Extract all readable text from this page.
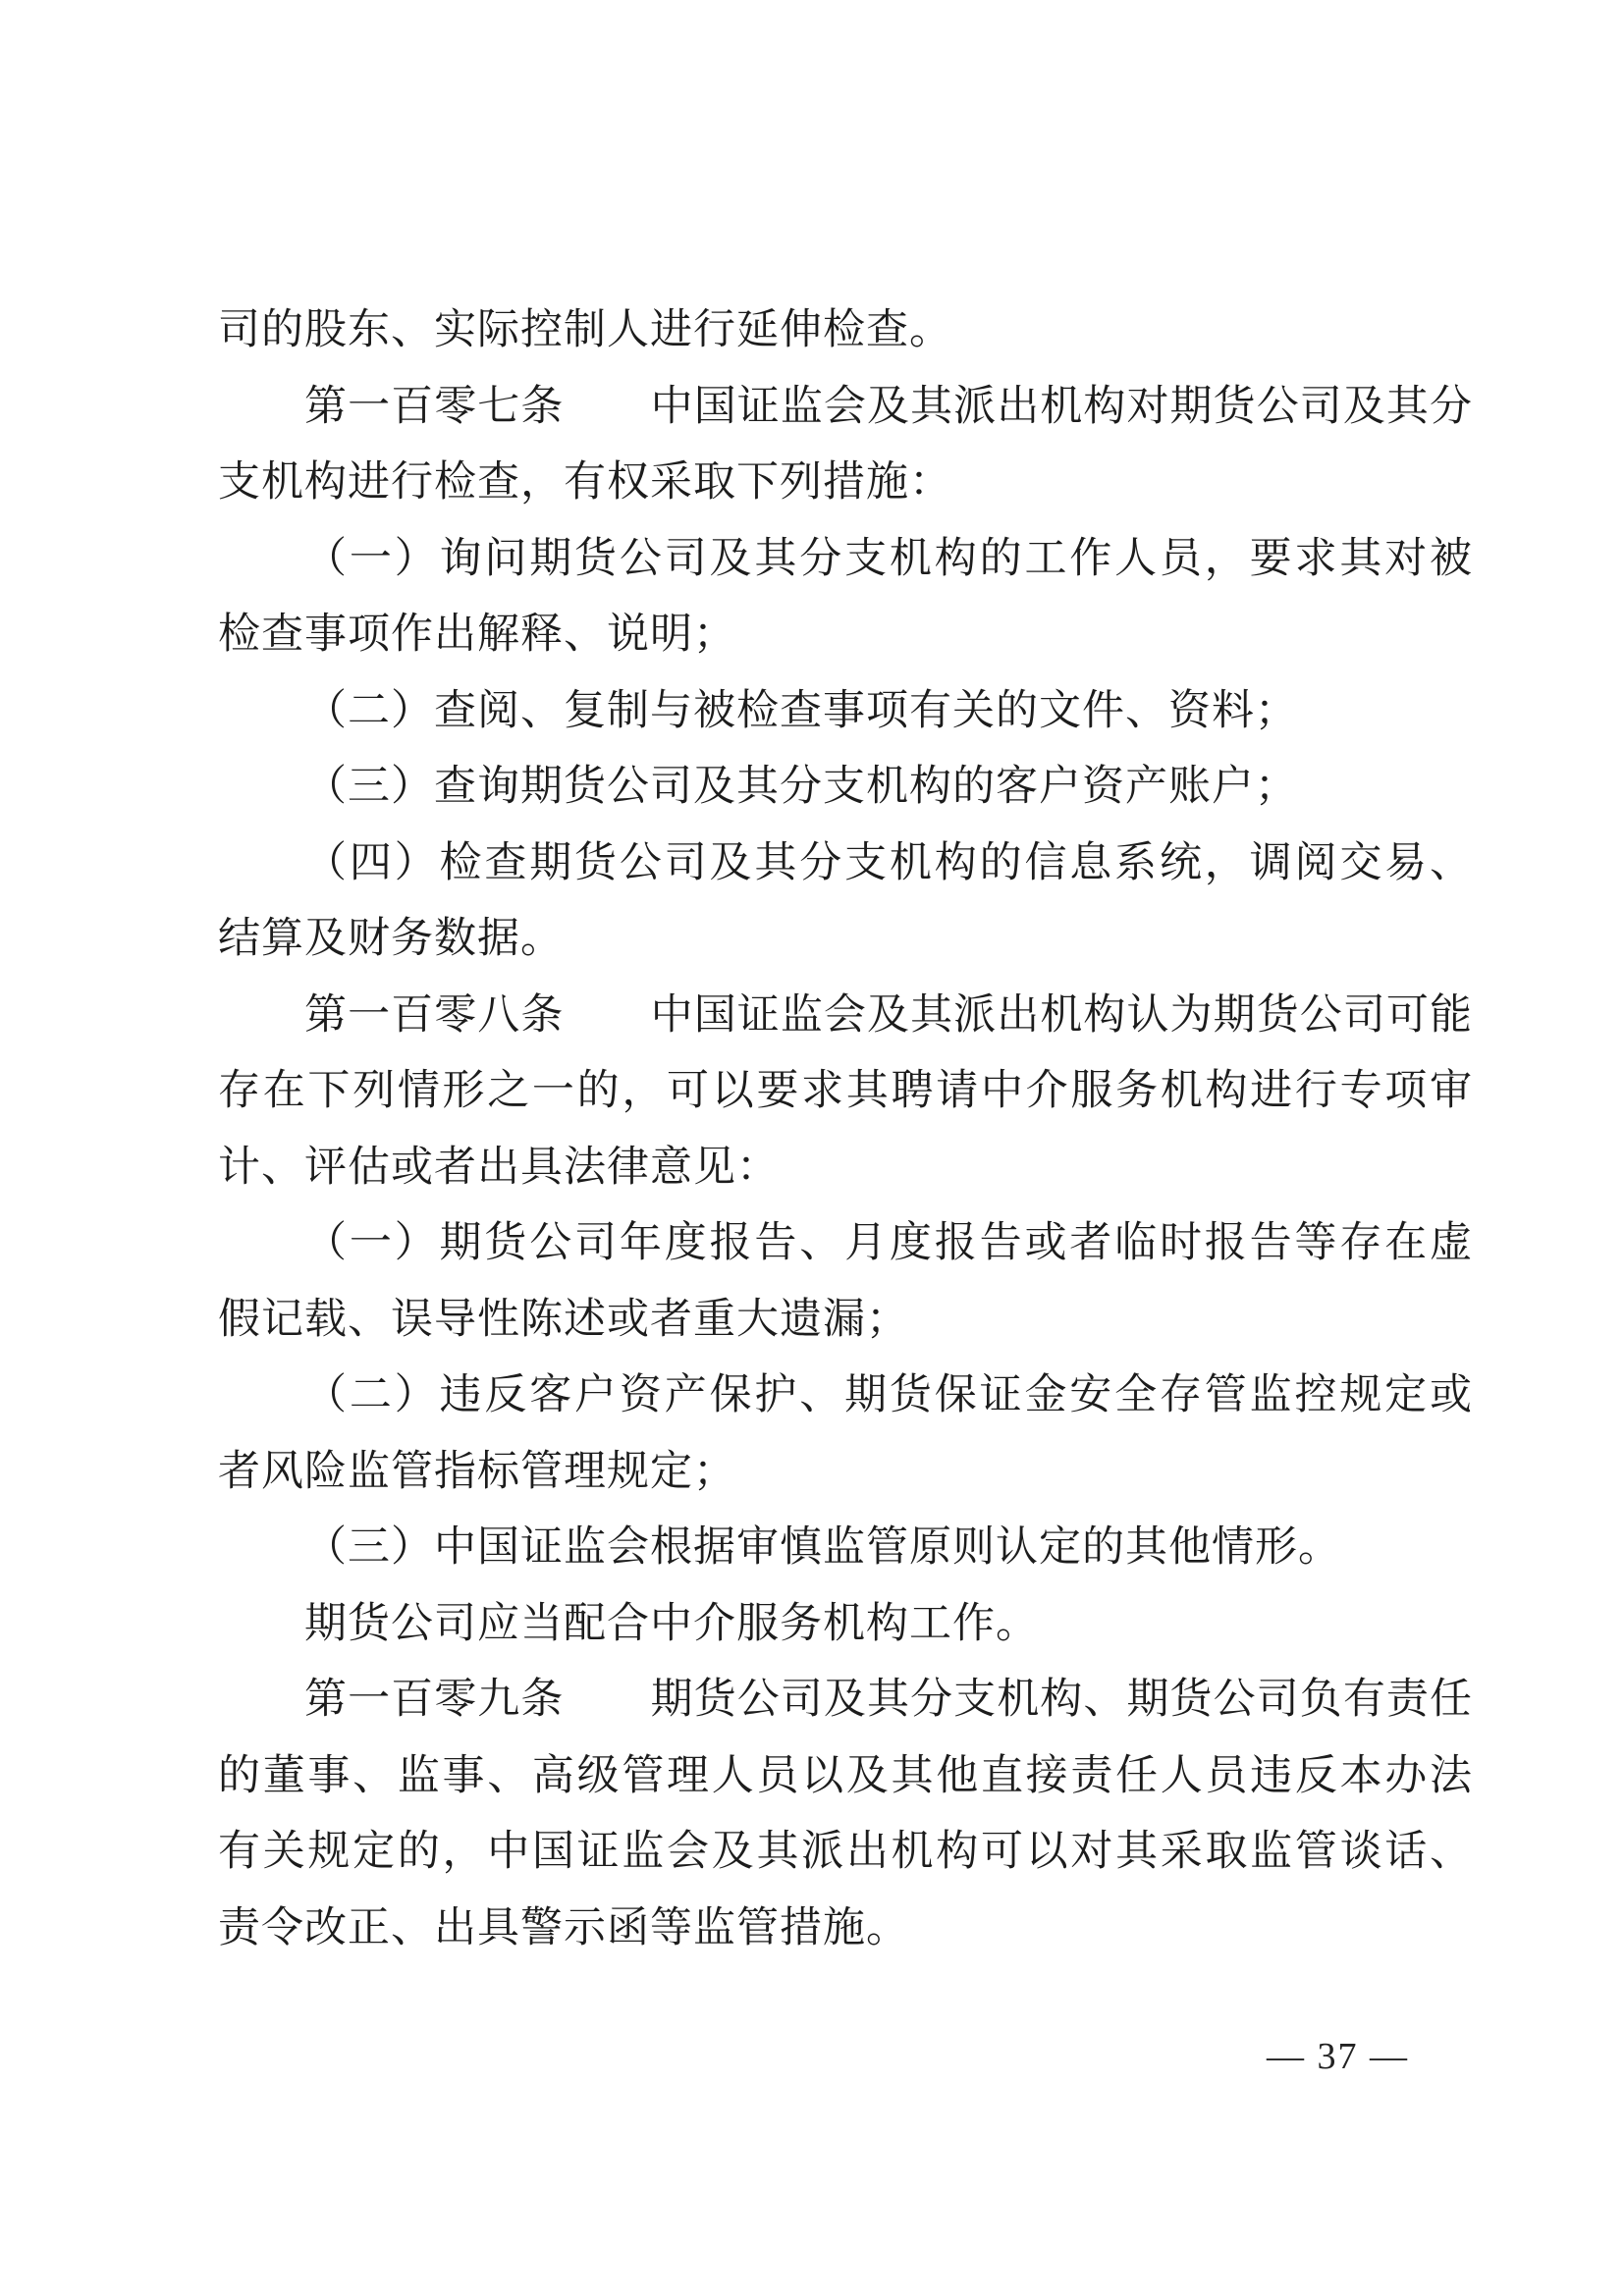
司的股东、实际控制人进行延伸检查。
第一百零七条　　中国证监会及其派出机构对期货公司及其分
支机构进行检查，有权采取下列措施：
（一）询问期货公司及其分支机构的工作人员，要求其对被
检查事项作出解释、说明；
（二）查阅、复制与被检查事项有关的文件、资料；
（三）查询期货公司及其分支机构的客户资产账户；
（四）检查期货公司及其分支机构的信息系统，调阅交易、
结算及财务数据。
第一百零八条　　中国证监会及其派出机构认为期货公司可能
存在下列情形之一的，可以要求其聘请中介服务机构进行专项审
计、评估或者出具法律意见：
（一）期货公司年度报告、月度报告或者临时报告等存在虚
假记载、误导性陈述或者重大遗漏；
（二）违反客户资产保护、期货保证金安全存管监控规定或
者风险监管指标管理规定；
（三）中国证监会根据审慎监管原则认定的其他情形。
期货公司应当配合中介服务机构工作。
第一百零九条　　期货公司及其分支机构、期货公司负有责任
的董事、监事、高级管理人员以及其他直接责任人员违反本办法
有关规定的，中国证监会及其派出机构可以对其采取监管谈话、
责令改正、出具警示函等监管措施。
— 37 —
